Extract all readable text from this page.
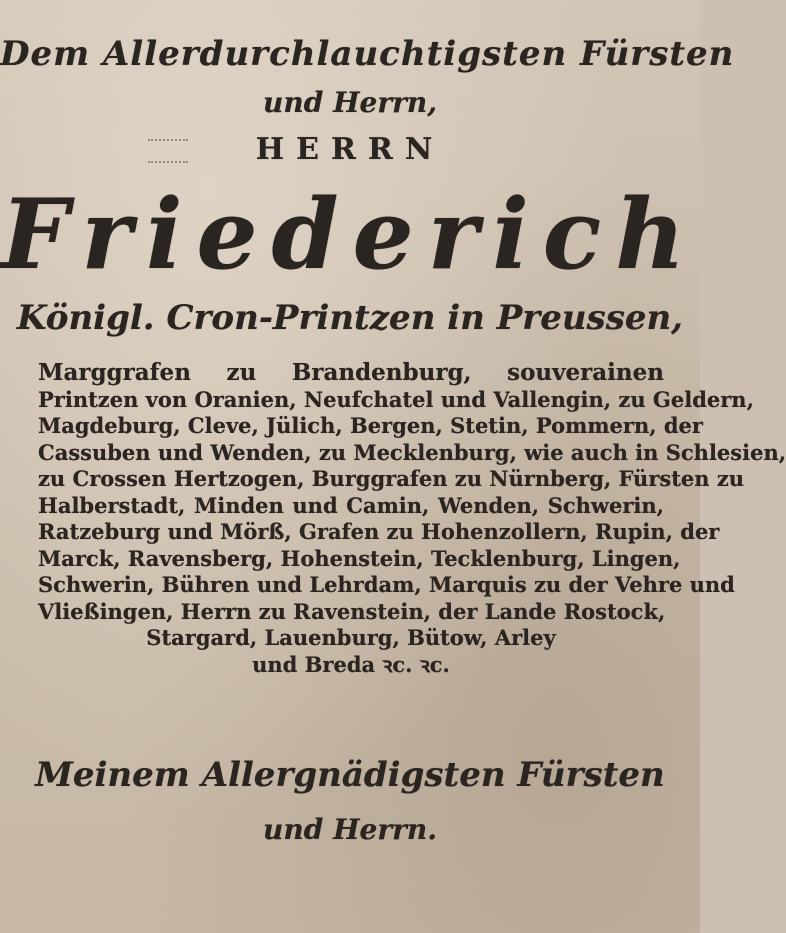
Dem Allerdurchlauchtigsten Fürsten
und Herrn,
HERRN
Friederich
Königl. Cron-Printzen in Preussen,
Marggrafen zu Brandenburg, souverainen
Printzen von Oranien, Neufchatel und Vallengin, zu Geldern,
Magdeburg, Cleve, Jülich, Bergen, Stetin, Pommern, der
Cassuben und Wenden, zu Mecklenburg, wie auch in Schlesien,
zu Crossen Hertzogen, Burggrafen zu Nürnberg, Fürsten zu
Halberstadt, Minden und Camin, Wenden, Schwerin,
Ratzeburg und Mörß, Grafen zu Hohenzollern, Rupin, der
Marck, Ravensberg, Hohenstein, Tecklenburg, Lingen,
Schwerin, Bühren und Lehrdam, Marquis zu der Vehre und
Vließingen, Herrn zu Ravenstein, der Lande Rostock,
Stargard, Lauenburg, Bütow, Arley
und Breda ꝛc. ꝛc.
Meinem Allergnädigsten Fürsten
und Herrn.
